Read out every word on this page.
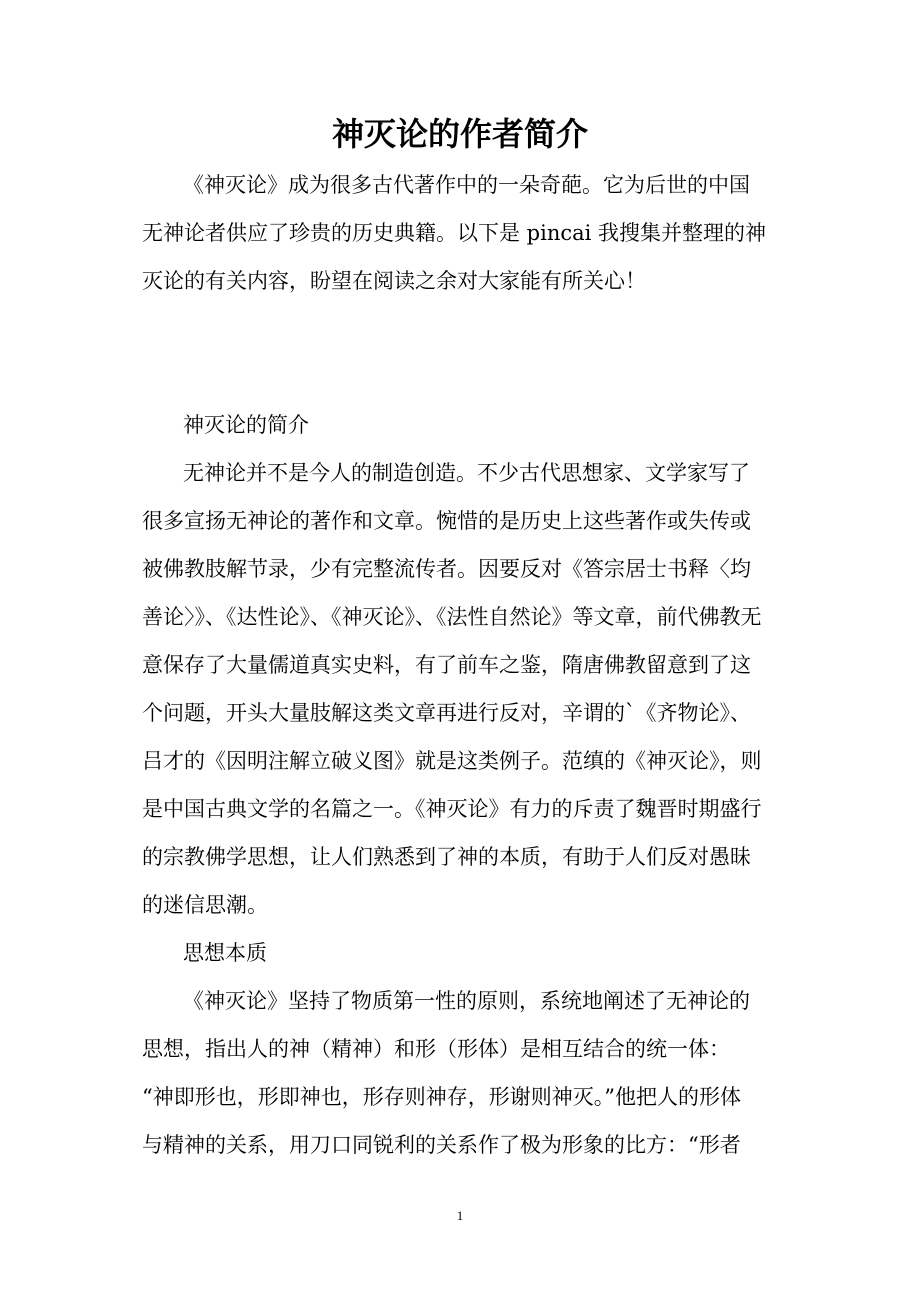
神灭论的作者简介
《神灭论》成为很多古代著作中的一朵奇葩。它为后世的中国
无神论者供应了珍贵的历史典籍。以下是 pincai 我搜集并整理的神
灭论的有关内容，盼望在阅读之余对大家能有所关心！
神灭论的简介
无神论并不是今人的制造创造。不少古代思想家、文学家写了
很多宣扬无神论的著作和文章。惋惜的是历史上这些著作或失传或
被佛教肢解节录，少有完整流传者。因要反对《答宗居士书释〈均
善论〉》、《达性论》、《神灭论》、《法性自然论》等文章，前代佛教无
意保存了大量儒道真实史料，有了前车之鉴，隋唐佛教留意到了这
个问题，开头大量肢解这类文章再进行反对，辛谓的`《齐物论》、
吕才的《因明注解立破义图》就是这类例子。范缜的《神灭论》，则
是中国古典文学的名篇之一。《神灭论》有力的斥责了魏晋时期盛行
的宗教佛学思想，让人们熟悉到了神的本质，有助于人们反对愚昧
的迷信思潮。
思想本质
《神灭论》坚持了物质第一性的原则，系统地阐述了无神论的
思想，指出人的神（精神）和形（形体）是相互结合的统一体：
“神即形也，形即神也，形存则神存，形谢则神灭。”他把人的形体
与精神的关系，用刀口同锐利的关系作了极为形象的比方：“形者
1
